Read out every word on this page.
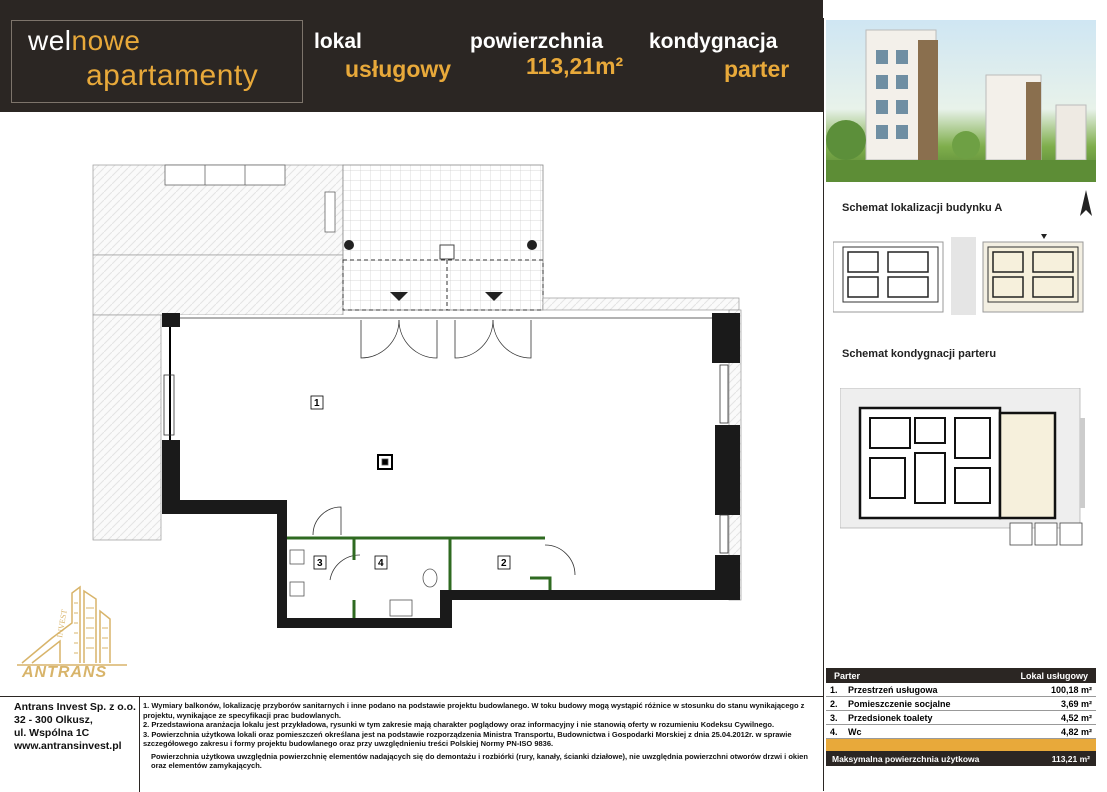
welnowe
apartamenty
lokal
usługowy
powierzchnia
113,21m²
kondygnacja
parter
1
2
3	4
INVEST
ANTRANS
Schemat lokalizacji budynku A
Schemat kondygnacji parteru
Parter	Lokal usługowy
1.	Przestrzeń usługowa	100,18 m²
2.	Pomieszczenie socjalne	3,69 m²
3.	Przedsionek toalety	4,52 m²
4.	Wc	4,82 m²
Maksymalna powierzchnia użytkowa	113,21 m²
Antrans Invest Sp. z o.o.
32 - 300 Olkusz,
ul. Wspólna 1C
www.antransinvest.pl
1. Wymiary balkonów, lokalizację przyborów sanitarnych i inne podano na podstawie projektu budowlanego. W toku budowy mogą wystąpić różnice w stosunku do stanu wynikającego z projektu, wynikające ze specyfikacji prac budowlanych.
2. Przedstawiona aranżacja lokalu jest przykładowa, rysunki w tym zakresie mają charakter poglądowy oraz informacyjny i nie stanowią oferty w rozumieniu Kodeksu Cywilnego.
3. Powierzchnia użytkowa lokali oraz pomieszczeń określana jest na podstawie rozporządzenia Ministra Transportu, Budownictwa i Gospodarki Morskiej z dnia 25.04.2012r. w sprawie szczegółowego zakresu i formy projektu budowlanego oraz przy uwzględnieniu treści Polskiej Normy PN-ISO 9836.
Powierzchnia użytkowa uwzględnia powierzchnię elementów nadających się do demontażu i rozbiórki (rury, kanały, ścianki działowe), nie uwzględnia powierzchni otworów drzwi i okien oraz elementów zamykających.
